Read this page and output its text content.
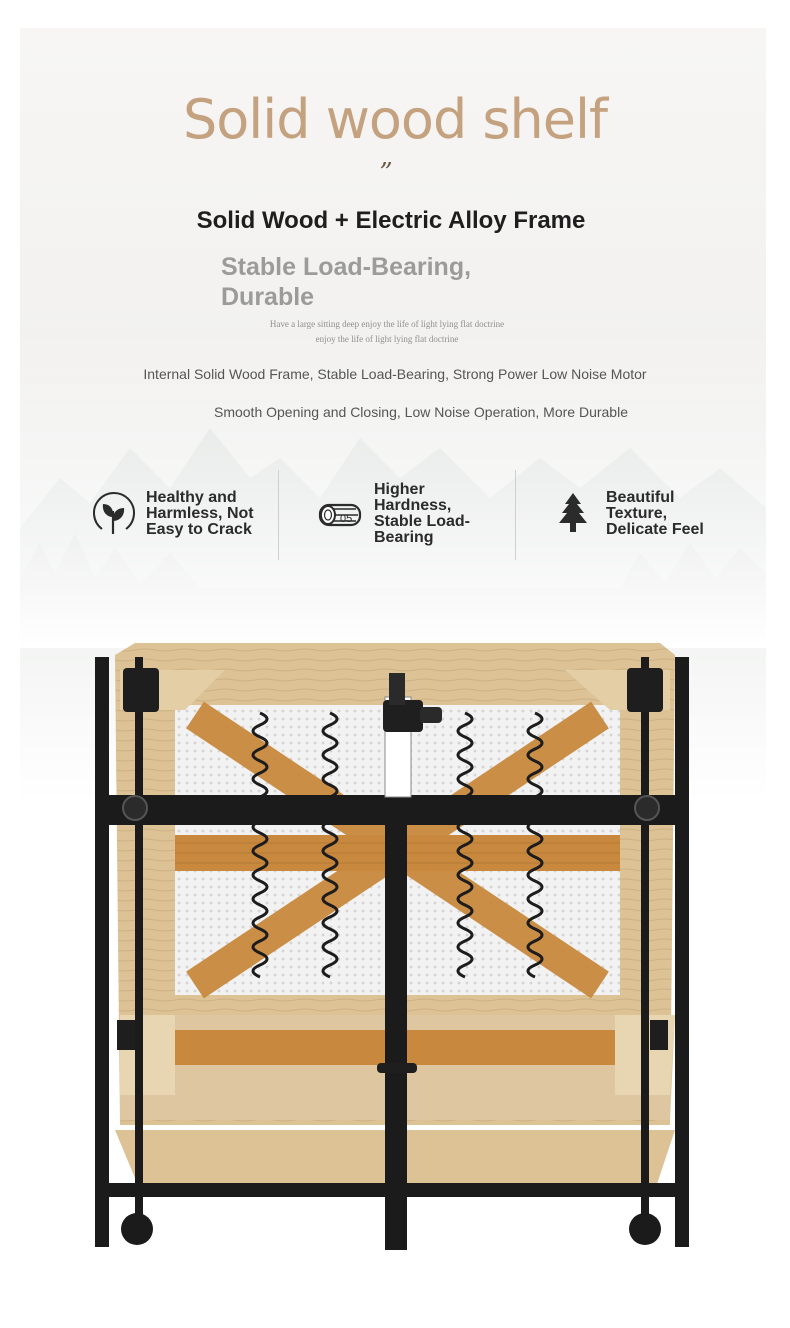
Solid wood shelf
”
Solid Wood + Electric Alloy Frame
Stable Load-Bearing, Durable
Have a large sitting deep enjoy the life of light lying flat doctrine
enjoy the life of light lying flat doctrine
Internal Solid Wood Frame, Stable Load-Bearing, Strong Power Low Noise Motor
Smooth Opening and Closing, Low Noise Operation, More Durable
Healthy and Harmless, Not Easy to Crack
05
Higher Hardness, Stable Load-Bearing
Beautiful Texture, Delicate Feel
